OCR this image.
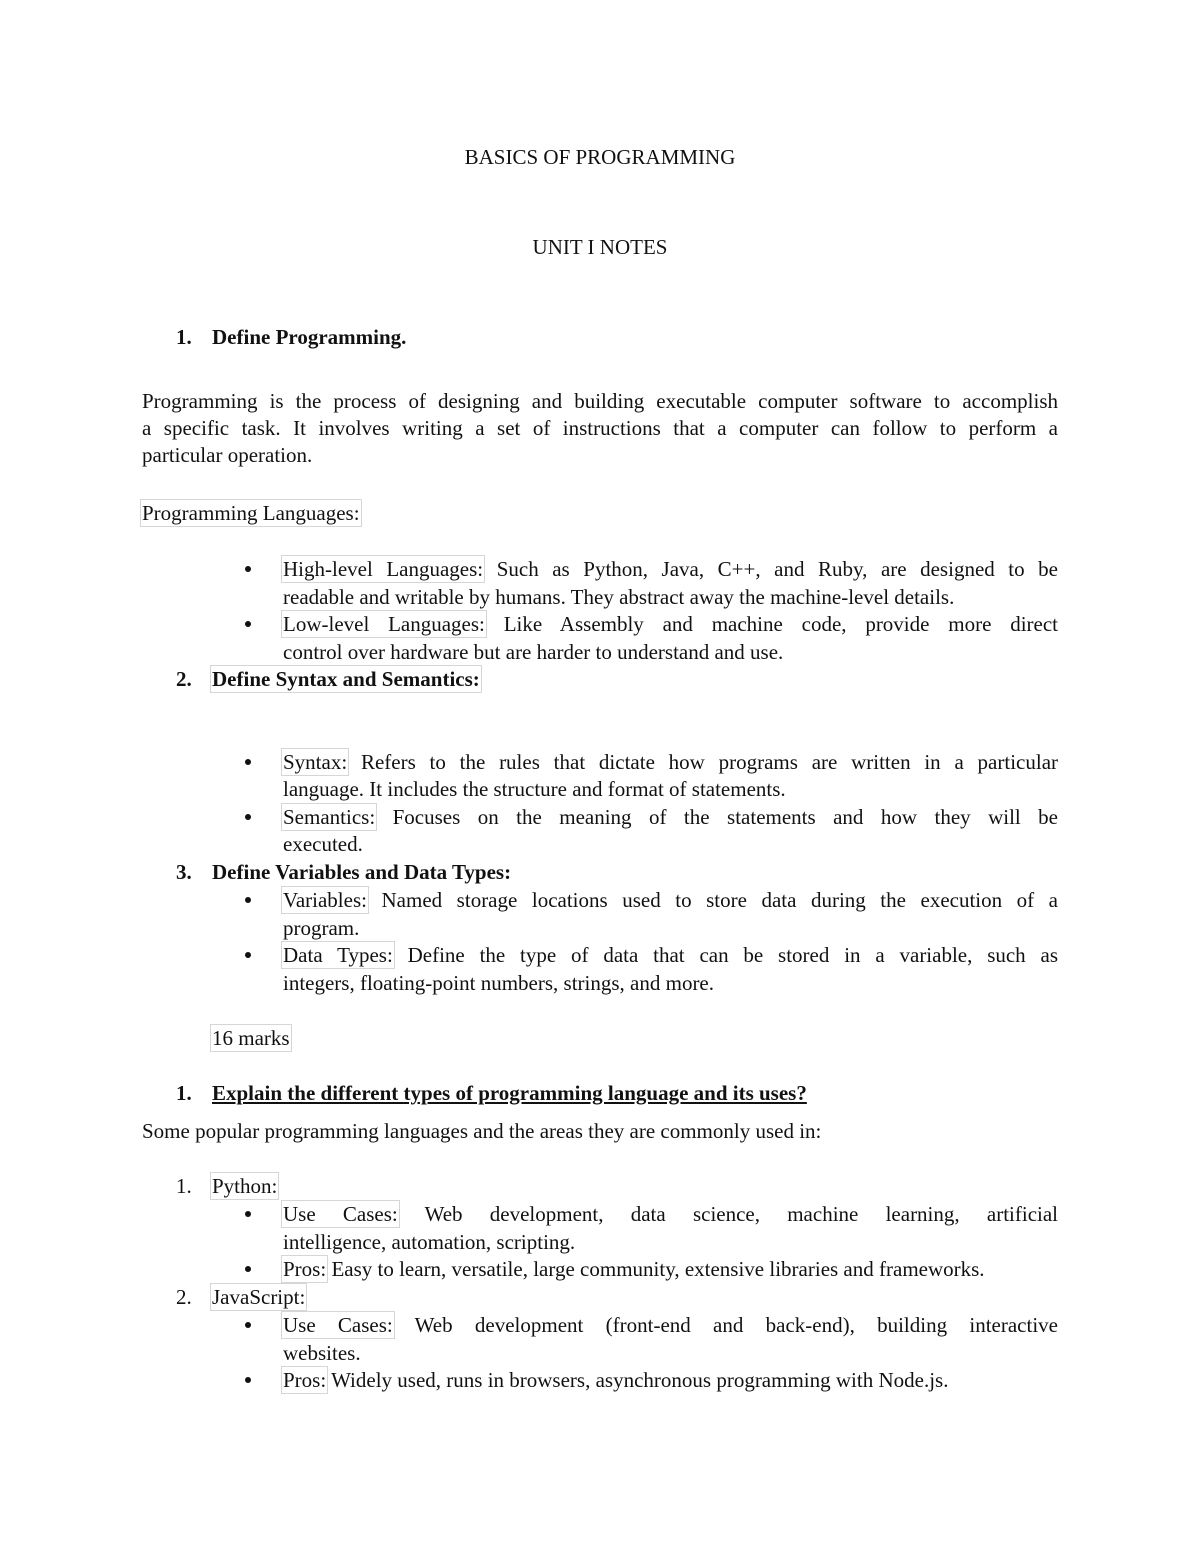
BASICS OF PROGRAMMING
UNIT I NOTES
1. Define Programming.
Programming is the process of designing and building executable computer software to accomplish
a specific task. It involves writing a set of instructions that a computer can follow to perform a
particular operation.
Programming Languages:
High-level Languages: Such as Python, Java, C++, and Ruby, are designed to be
readable and writable by humans. They abstract away the machine-level details.
Low-level Languages: Like Assembly and machine code, provide more direct
control over hardware but are harder to understand and use.
2. Define Syntax and Semantics:
Syntax: Refers to the rules that dictate how programs are written in a particular
language. It includes the structure and format of statements.
Semantics: Focuses on the meaning of the statements and how they will be
executed.
3. Define Variables and Data Types:
Variables: Named storage locations used to store data during the execution of a
program.
Data Types: Define the type of data that can be stored in a variable, such as
integers, floating-point numbers, strings, and more.
16 marks
1. Explain the different types of programming language and its uses?
Some popular programming languages and the areas they are commonly used in:
1. Python:
Use Cases: Web development, data science, machine learning, artificial
intelligence, automation, scripting.
Pros: Easy to learn, versatile, large community, extensive libraries and frameworks.
2. JavaScript:
Use Cases: Web development (front-end and back-end), building interactive
websites.
Pros: Widely used, runs in browsers, asynchronous programming with Node.js.
